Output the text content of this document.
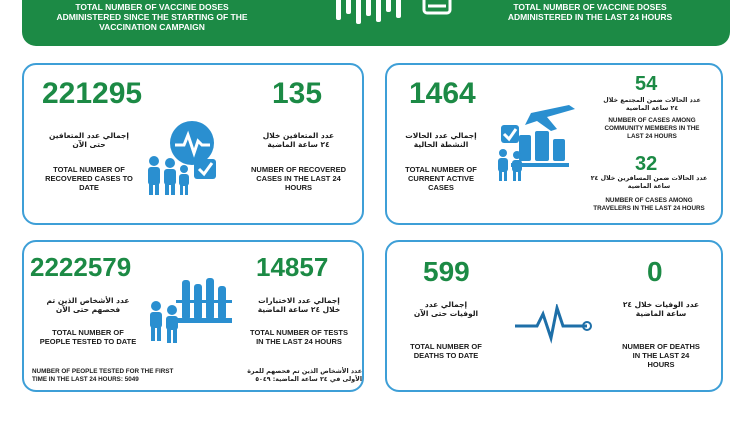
TOTAL NUMBER OF VACCINE DOSES
ADMINISTERED SINCE THE STARTING OF THE
VACCINATION CAMPAIGN
TOTAL NUMBER OF VACCINE DOSES
ADMINISTERED IN THE LAST 24 HOURS
221295
إجمالي عدد المتعافين
حتى الآن
TOTAL NUMBER OF
RECOVERED CASES TO
DATE
135
عدد المتعافين خلال
٢٤ ساعة الماضية
NUMBER OF RECOVERED
CASES IN THE LAST 24
HOURS
1464
إجمالي عدد الحالات
النشطة الحالية
TOTAL NUMBER OF
CURRENT ACTIVE
CASES
54
عدد الحالات ضمن المجتمع خلال
٢٤ ساعة الماضية
NUMBER OF CASES AMONG
COMMUNITY MEMBERS IN THE
LAST 24 HOURS
32
عدد الحالات ضمن المسافرين خلال ٢٤
ساعة الماضية
NUMBER OF CASES AMONG
TRAVELERS IN THE LAST 24 HOURS
2222579
عدد الأشخاص الذين تم
فحصهم حتى الآن
TOTAL NUMBER OF
PEOPLE TESTED TO DATE
14857
إجمالي عدد الاختبارات
خلال ٢٤ ساعة الماضية
TOTAL NUMBER OF TESTS
IN THE LAST 24 HOURS
NUMBER OF PEOPLE TESTED FOR THE FIRST
TIME IN THE LAST 24 HOURS: 5049
عدد الأشخاص الذين تم فحصهم للمرة
الأولى في ٢٤ ساعة الماضية: ٥٠٤٩
599
إجمالي عدد
الوفيات حتى الآن
TOTAL NUMBER OF
DEATHS TO DATE
0
عدد الوفيات خلال ٢٤
ساعة الماضية
NUMBER OF DEATHS
IN THE LAST 24
HOURS
